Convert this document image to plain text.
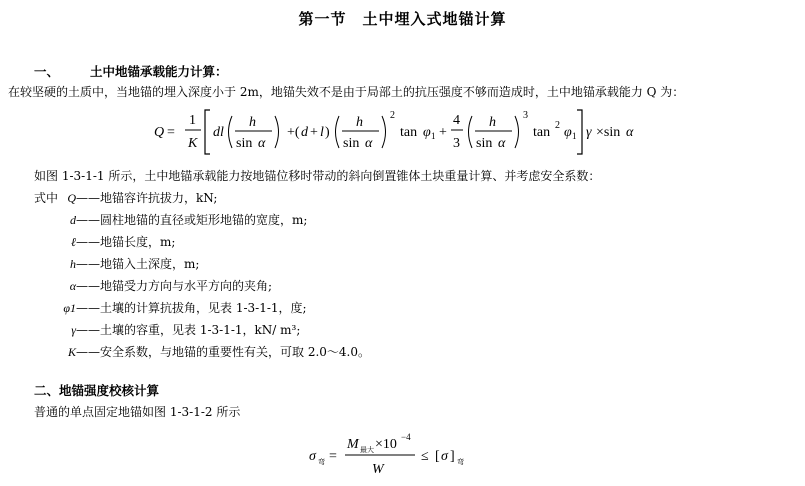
第一节　土中埋入式地锚计算
一、 土中地锚承载能力计算：
在较坚硬的土质中，当地锚的埋入深度小于 2m，地锚失效不是由于局部土的抗压强度不够而造成时，土中地锚承载能力 Q 为：
Q =
1
K
dl
h
sin α
+( d + l )
h
sin α
2
tan φ 1 +
4
3
h
sin α
3
tan 2 φ 1 γ ×sin α
如图 1-3-1-1 所示，土中地锚承载能力按地锚位移时带动的斜向倒置锥体土块重量计算、并考虑安全系数：
式中 Q——地锚容许抗拔力，kN;
d——圆柱地锚的直径或矩形地锚的宽度，m;
ℓ——地锚长度，m;
h——地锚入土深度，m;
α——地锚受力方向与水平方向的夹角;
φ1——土壤的计算抗拔角，见表 1-3-1-1，度;
γ——土壤的容重，见表 1-3-1-1，kN/ m³;
K——安全系数，与地锚的重要性有关，可取 2.0～4.0。
二、地锚强度校核计算
普通的单点固定地锚如图 1-3-1-2 所示
σ 弯 =
M 最大 ×10 −4
W
≤ [ σ ] 弯
